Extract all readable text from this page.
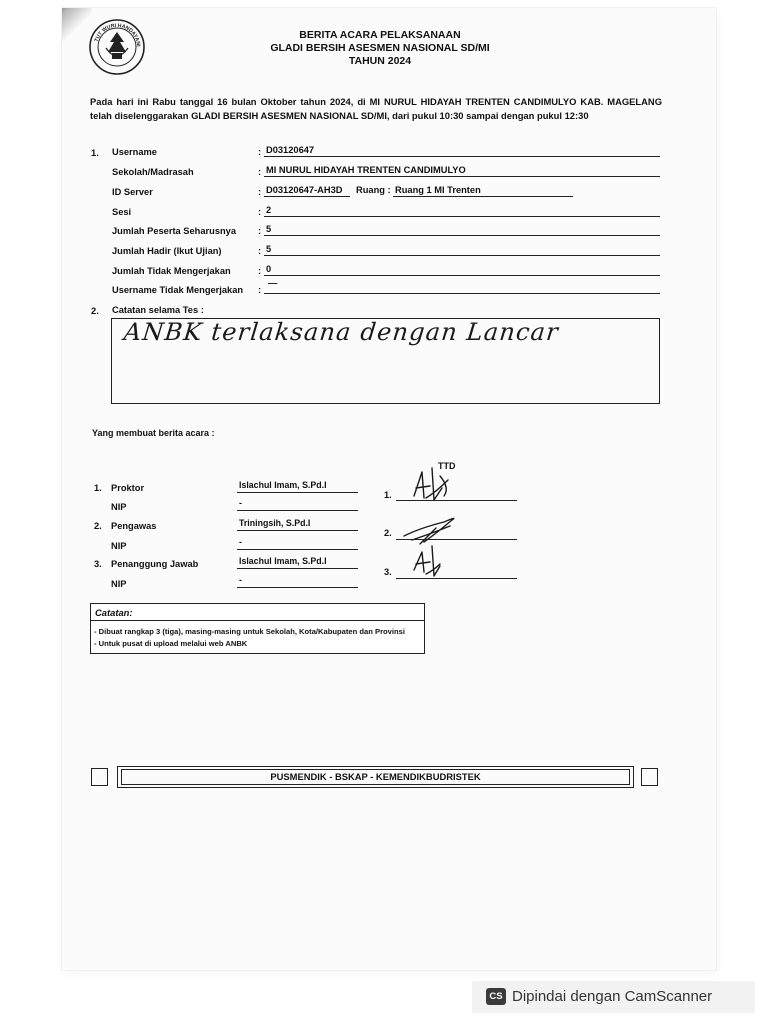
TUT WURI HANDAYANI
BERITA ACARA PELAKSANAAN
GLADI BERSIH ASESMEN NASIONAL SD/MI
TAHUN 2024
Pada hari ini Rabu tanggal 16 bulan Oktober tahun 2024, di MI NURUL HIDAYAH TRENTEN CANDIMULYO KAB. MAGELANG telah diselenggarakan GLADI BERSIH ASESMEN NASIONAL SD/MI, dari pukul 10:30 sampai dengan pukul 12:30
1. Username	: D03120647
Sekolah/Madrasah	: MI NURUL HIDAYAH TRENTEN CANDIMULYO
ID Server	: D03120647-AH3D Ruang : Ruang 1 MI Trenten
Sesi	: 2
Jumlah Peserta Seharusnya : 5
Jumlah Hadir (Ikut Ujian)	: 5
Jumlah Tidak Mengerjakan	: 0
Username Tidak Mengerjakan :
—
2. Catatan selama Tes :
ANBK terlaksana dengan Lancar
Yang membuat berita acara :
TTD
1. Proktor	Islachul Imam, S.Pd.I
NIP	-
1.
2. Pengawas	Triningsih, S.Pd.I
NIP	-
2.
3. Penanggung Jawab	Islachul Imam, S.Pd.I
NIP	-
3.
Catatan:
- Dibuat rangkap 3 (tiga), masing-masing untuk Sekolah, Kota/Kabupaten dan Provinsi
- Untuk pusat di upload melalui web ANBK
PUSMENDIK - BSKAP - KEMENDIKBUDRISTEK
CS Dipindai dengan CamScanner
